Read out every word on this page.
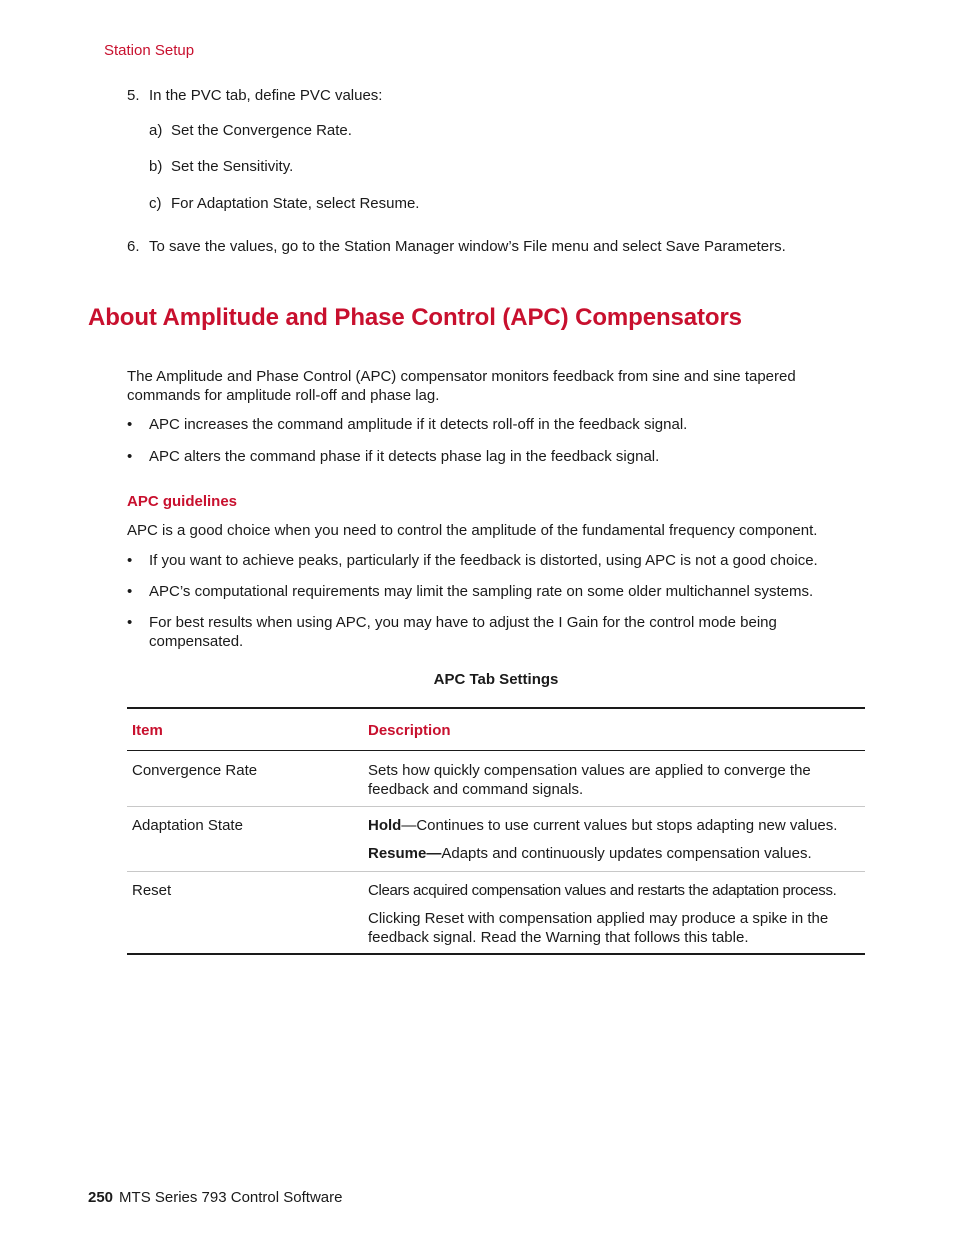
Station Setup
5. In the PVC tab, define PVC values:
a) Set the Convergence Rate.
b) Set the Sensitivity.
c) For Adaptation State, select Resume.
6. To save the values, go to the Station Manager window’s File menu and select Save Parameters.
About Amplitude and Phase Control (APC) Compensators
The Amplitude and Phase Control (APC) compensator monitors feedback from sine and sine tapered commands for amplitude roll-off and phase lag.
• APC increases the command amplitude if it detects roll-off in the feedback signal.
• APC alters the command phase if it detects phase lag in the feedback signal.
APC guidelines
APC is a good choice when you need to control the amplitude of the fundamental frequency component.
• If you want to achieve peaks, particularly if the feedback is distorted, using APC is not a good choice.
• APC’s computational requirements may limit the sampling rate on some older multichannel systems.
• For best results when using APC, you may have to adjust the I Gain for the control mode being compensated.
APC Tab Settings
Item	Description
Convergence Rate	Sets how quickly compensation values are applied to converge the feedback and command signals.
Adaptation State	Hold—Continues to use current values but stops adapting new values.
Resume—Adapts and continuously updates compensation values.
Reset	Clears acquired compensation values and restarts the adaptation process.
Clicking Reset with compensation applied may produce a spike in the feedback signal. Read the Warning that follows this table.
250 MTS Series 793 Control Software
